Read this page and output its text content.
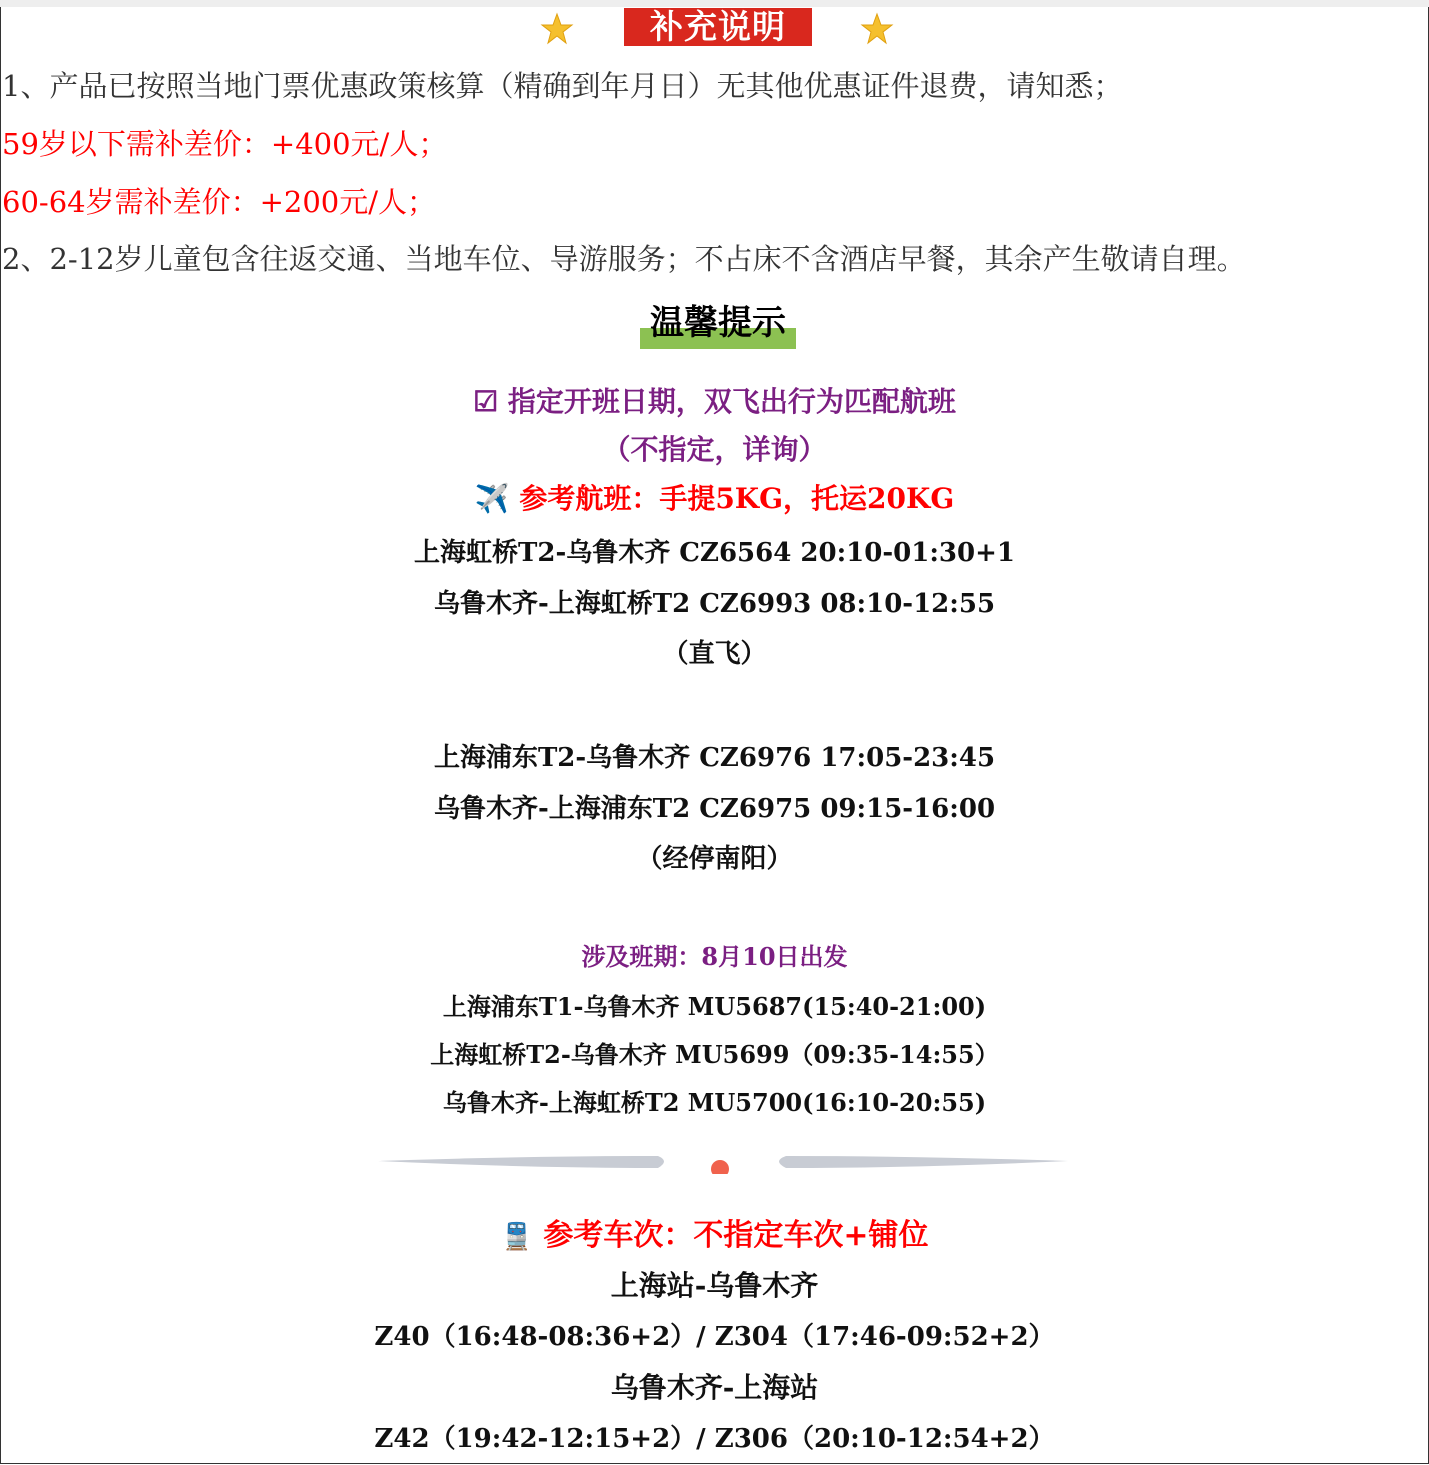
补充说明
1、产品已按照当地门票优惠政策核算（精确到年月日）无其他优惠证件退费，请知悉；
59岁以下需补差价：+400元/人；
60-64岁需补差价：+200元/人；
2、2-12岁儿童包含往返交通、当地车位、导游服务；不占床不含酒店早餐，其余产生敬请自理。
温馨提示
☑ 指定开班日期，双飞出行为匹配航班
（不指定，详询）
✈️ 参考航班：手提5KG，托运20KG
上海虹桥T2-乌鲁木齐 CZ6564 20:10-01:30+1
乌鲁木齐-上海虹桥T2 CZ6993 08:10-12:55
（直飞）
上海浦东T2-乌鲁木齐 CZ6976 17:05-23:45
乌鲁木齐-上海浦东T2 CZ6975 09:15-16:00
（经停南阳）
涉及班期：8月10日出发
上海浦东T1-乌鲁木齐 MU5687(15:40-21:00)
上海虹桥T2-乌鲁木齐 MU5699（09:35-14:55）
乌鲁木齐-上海虹桥T2 MU5700(16:10-20:55)
🚆 参考车次：不指定车次+铺位
上海站-乌鲁木齐
Z40（16:48-08:36+2）/ Z304（17:46-09:52+2）
乌鲁木齐-上海站
Z42（19:42-12:15+2）/ Z306（20:10-12:54+2）
